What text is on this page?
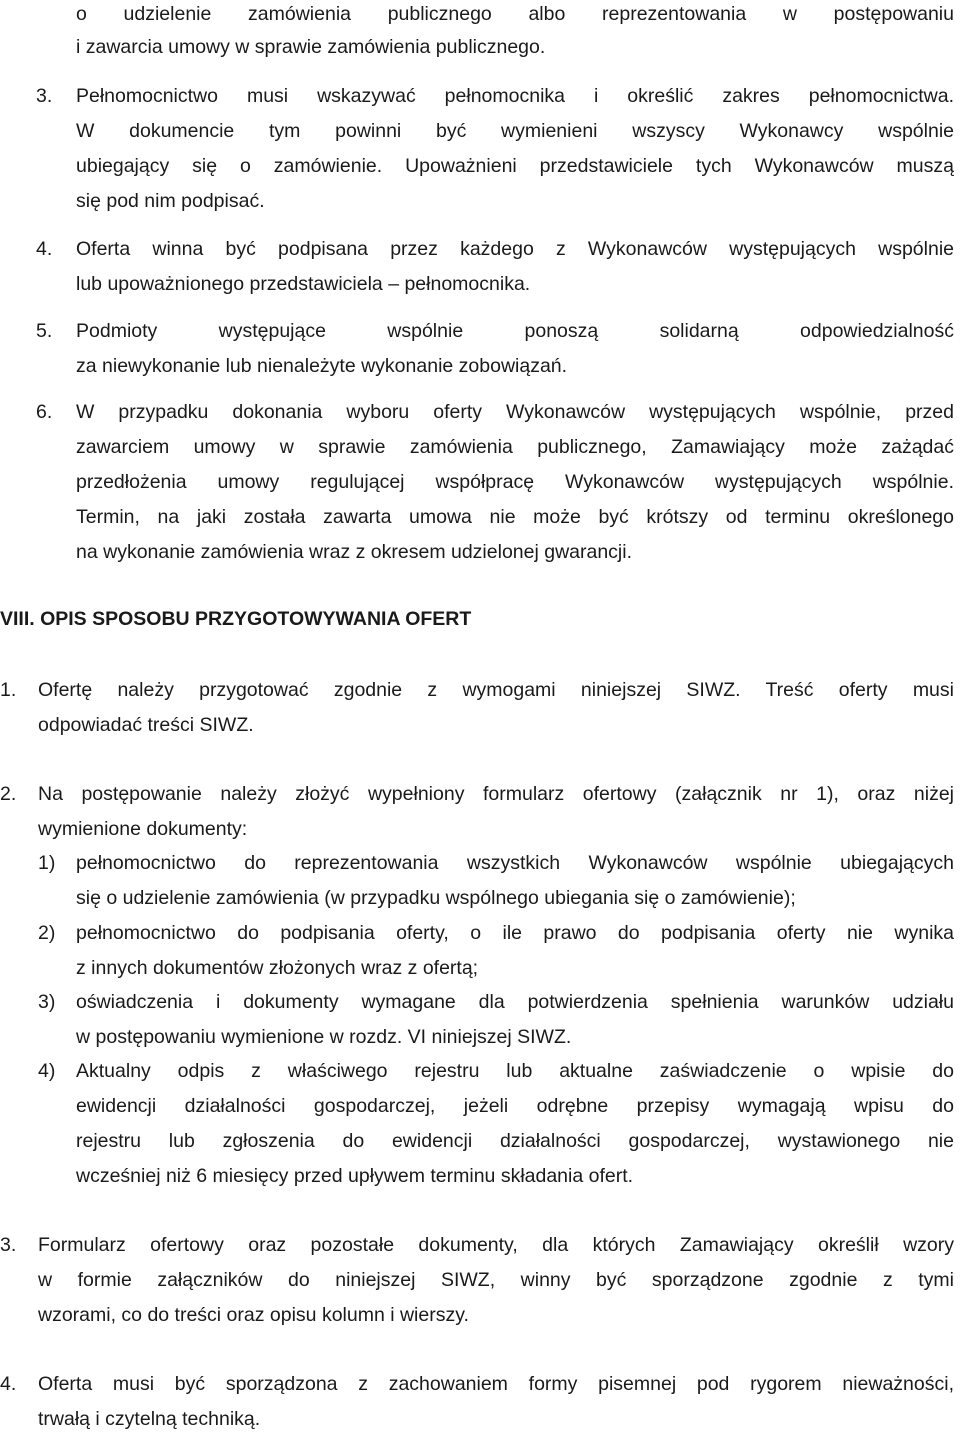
o udzielenie zamówienia publicznego albo reprezentowania w postępowaniu
i zawarcia umowy w sprawie zamówienia publicznego.
3. Pełnomocnictwo musi wskazywać pełnomocnika i określić zakres pełnomocnictwa.
W dokumencie tym powinni być wymienieni wszyscy Wykonawcy wspólnie
ubiegający się o zamówienie. Upoważnieni przedstawiciele tych Wykonawców muszą
się pod nim podpisać.
4. Oferta winna być podpisana przez każdego z Wykonawców występujących wspólnie
lub upoważnionego przedstawiciela – pełnomocnika.
5. Podmioty występujące wspólnie ponoszą solidarną odpowiedzialność
za niewykonanie lub nienależyte wykonanie zobowiązań.
6. W przypadku dokonania wyboru oferty Wykonawców występujących wspólnie, przed
zawarciem umowy w sprawie zamówienia publicznego, Zamawiający może zażądać
przedłożenia umowy regulującej współpracę Wykonawców występujących wspólnie.
Termin, na jaki została zawarta umowa nie może być krótszy od terminu określonego
na wykonanie zamówienia wraz z okresem udzielonej gwarancji.
VIII. OPIS SPOSOBU PRZYGOTOWYWANIA OFERT
1. Ofertę należy przygotować zgodnie z wymogami niniejszej SIWZ. Treść oferty musi
odpowiadać treści SIWZ.
2. Na postępowanie należy złożyć wypełniony formularz ofertowy (załącznik nr 1), oraz niżej
wymienione dokumenty:
1) pełnomocnictwo do reprezentowania wszystkich Wykonawców wspólnie ubiegających
się o udzielenie zamówienia (w przypadku wspólnego ubiegania się o zamówienie);
2) pełnomocnictwo do podpisania oferty, o ile prawo do podpisania oferty nie wynika
z innych dokumentów złożonych wraz z ofertą;
3) oświadczenia i dokumenty wymagane dla potwierdzenia spełnienia warunków udziału
w postępowaniu wymienione w rozdz. VI niniejszej SIWZ.
4) Aktualny odpis z właściwego rejestru lub aktualne zaświadczenie o wpisie do
ewidencji działalności gospodarczej, jeżeli odrębne przepisy wymagają wpisu do
rejestru lub zgłoszenia do ewidencji działalności gospodarczej, wystawionego nie
wcześniej niż 6 miesięcy przed upływem terminu składania ofert.
3. Formularz ofertowy oraz pozostałe dokumenty, dla których Zamawiający określił wzory
w formie załączników do niniejszej SIWZ, winny być sporządzone zgodnie z tymi
wzorami, co do treści oraz opisu kolumn i wierszy.
4. Oferta musi być sporządzona z zachowaniem formy pisemnej pod rygorem nieważności,
trwałą i czytelną techniką.
